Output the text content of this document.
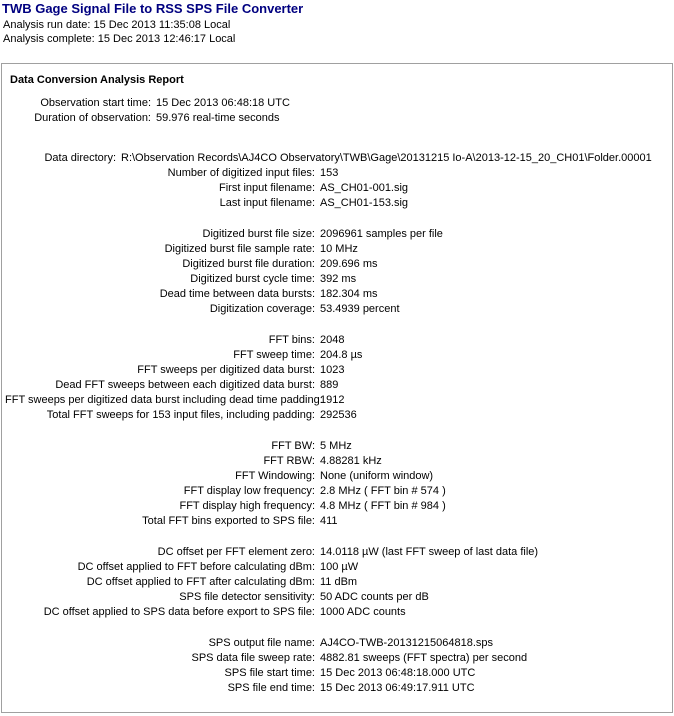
TWB Gage Signal File to RSS SPS File Converter
Analysis run date: 15 Dec 2013 11:35:08 Local
Analysis complete: 15 Dec 2013 12:46:17 Local
Data Conversion Analysis Report
Observation start time: 15 Dec 2013 06:48:18 UTC
Duration of observation: 59.976 real-time seconds
Data directory: R:\Observation Records\AJ4CO Observatory\TWB\Gage\20131215 Io-A\2013-12-15_20_CH01\Folder.00001
Number of digitized input files: 153
First input filename: AS_CH01-001.sig
Last input filename: AS_CH01-153.sig
Digitized burst file size: 2096961 samples per file
Digitized burst file sample rate: 10 MHz
Digitized burst file duration: 209.696 ms
Digitized burst cycle time: 392 ms
Dead time between data bursts: 182.304 ms
Digitization coverage: 53.4939 percent
FFT bins: 2048
FFT sweep time: 204.8 µs
FFT sweeps per digitized data burst: 1023
Dead FFT sweeps between each digitized data burst: 889
FFT sweeps per digitized data burst including dead time padding:
1912
Total FFT sweeps for 153 input files, including padding: 292536
FFT BW: 5 MHz
FFT RBW: 4.88281 kHz
FFT Windowing: None (uniform window)
FFT display low frequency: 2.8 MHz ( FFT bin # 574 )
FFT display high frequency: 4.8 MHz ( FFT bin # 984 )
Total FFT bins exported to SPS file: 411
DC offset per FFT element zero: 14.0118 µW (last FFT sweep of last data file)
DC offset applied to FFT before calculating dBm: 100 µW
DC offset applied to FFT after calculating dBm: 11 dBm
SPS file detector sensitivity: 50 ADC counts per dB
DC offset applied to SPS data before export to SPS file: 1000 ADC counts
SPS output file name: AJ4CO-TWB-20131215064818.sps
SPS data file sweep rate: 4882.81 sweeps (FFT spectra) per second
SPS file start time: 15 Dec 2013 06:48:18.000 UTC
SPS file end time: 15 Dec 2013 06:49:17.911 UTC
